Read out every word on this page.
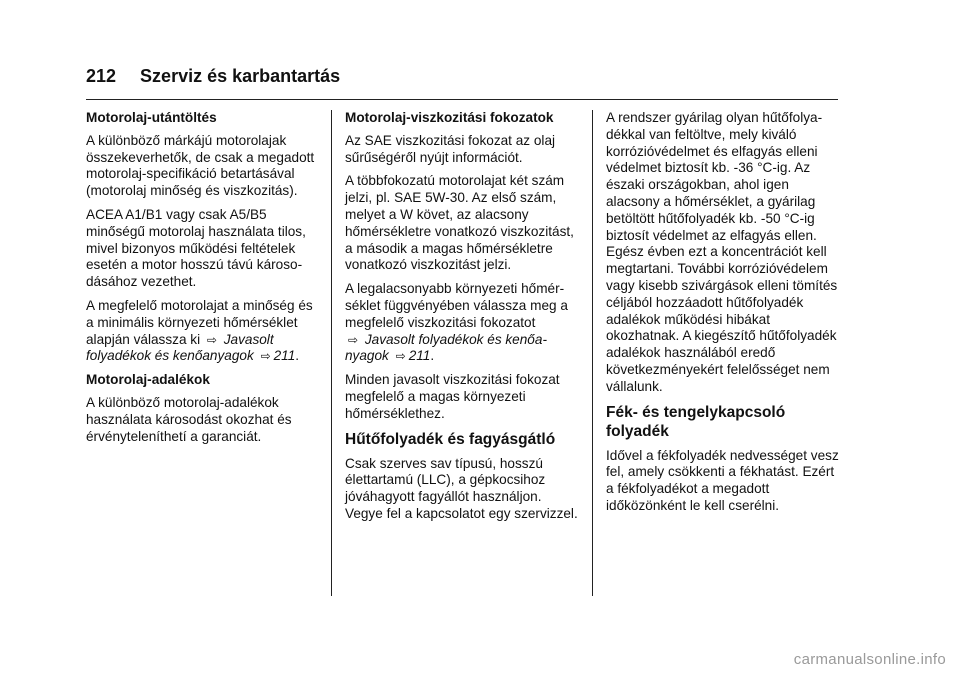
212 Szerviz és karbantartás
Motorolaj-utántöltés
A különböző márkájú motorolajak összekeverhetők, de csak a megadott motorolaj-specifikáció betartásával (motorolaj minőség és viszkozitás).
ACEA A1/B1 vagy csak A5/B5 minőségű motorolaj használata tilos, mivel bizonyos működési feltételek esetén a motor hosszú távú károsodásához vezethet.
A megfelelő motorolajat a minőség és a minimális környezeti hőmérséklet alapján válassza ki ⇨ Javasolt folyadékok és kenőanyagok ⇨ 211.
Motorolaj-adalékok
A különböző motorolaj-adalékok használata károsodást okozhat és érvényteleníthetí a garanciát.
Motorolaj-viszkozitási fokozatok
Az SAE viszkozitási fokozat az olaj sűrűségéről nyújt információt.
A többfokozatú motorolajat két szám jelzi, pl. SAE 5W-30. Az első szám, melyet a W követ, az alacsony hőmérsékletre vonatkozó viszkozitást, a második a magas hőmérsékletre vonatkozó viszkozitást jelzi.
A legalacsonyabb környezeti hőmérséklet függvényében válassza meg a megfelelő viszkozitási fokozatot
⇨ Javasolt folyadékok és kenőanyagok ⇨ 211.
Minden javasolt viszkozitási fokozat megfelelő a magas környezeti hőmérséklethez.
Hűtőfolyadék és fagyásgátló
Csak szerves sav típusú, hosszú élettartamú (LLC), a gépkocsihoz jóváhagyott fagyállót használjon. Vegye fel a kapcsolatot egy szervizzel.
A rendszer gyárilag olyan hűtőfolyadékkal van feltöltve, mely kiváló korrózióvédelmet és elfagyás elleni védelmet biztosít kb. -36 °C-ig. Az északi országokban, ahol igen alacsony a hőmérséklet, a gyárilag betöltött hűtőfolyadék kb. -50 °C-ig biztosít védelmet az elfagyás ellen. Egész évben ezt a koncentrációt kell megtartani. További korrózióvédelem vagy kisebb szivárgások elleni tömítés céljából hozzáadott hűtőfolyadék adalékok működési hibákat okozhatnak. A kiegészítő hűtőfolyadék adalékok használából eredő következményekért felelősséget nem vállalunk.
Fék- és tengelykapcsoló folyadék
Idővel a fékfolyadék nedvességet vesz fel, amely csökkenti a fékhatást. Ezért a fékfolyadékot a megadott időközönként le kell cserélni.
carmanualsonline.info
